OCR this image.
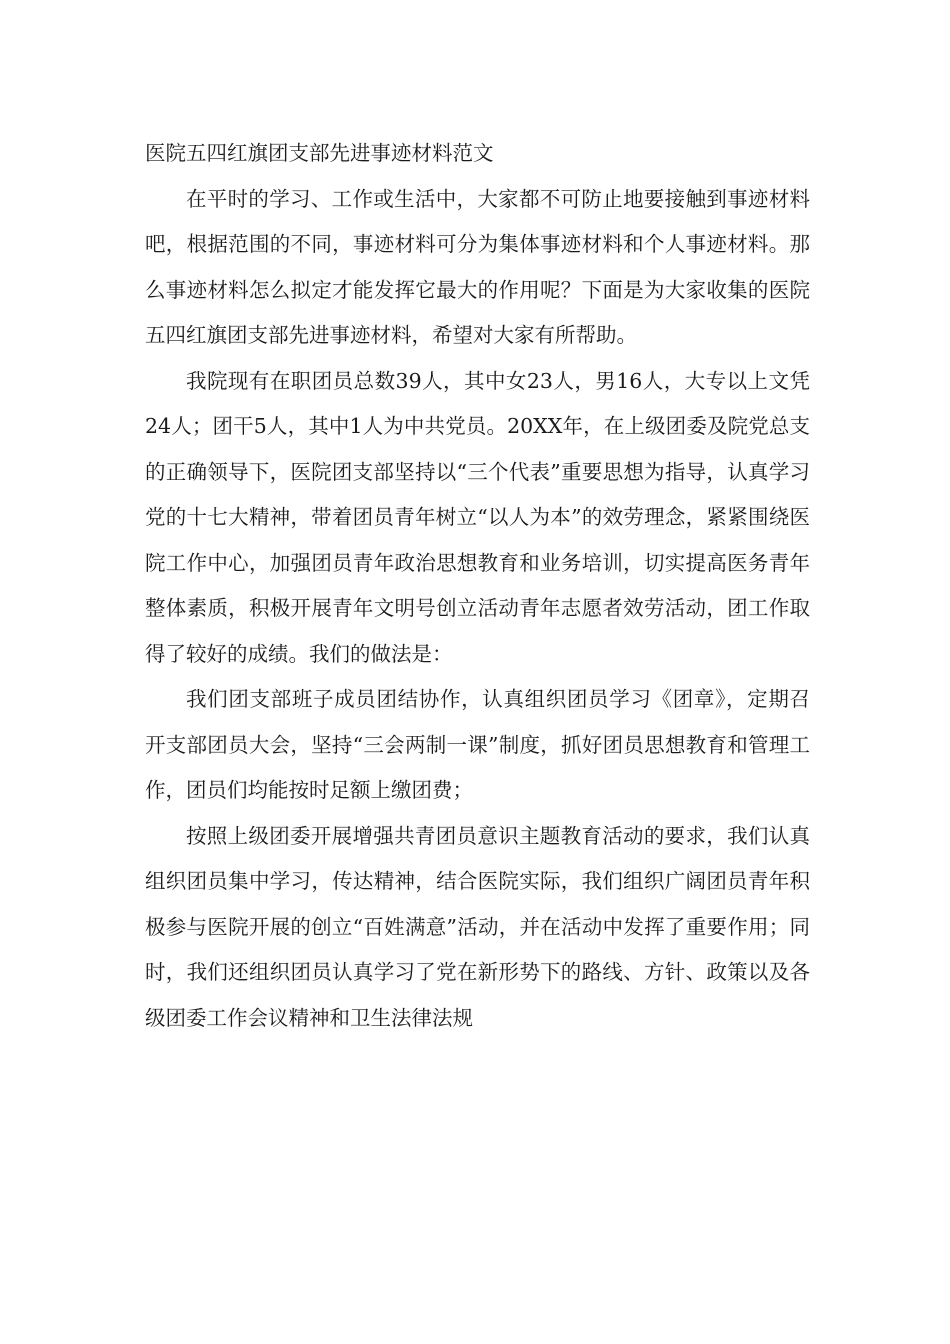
医院五四红旗团支部先进事迹材料范文

在平时的学习、工作或生活中，大家都不可防止地要接触到事迹材料吧，根据范围的不同，事迹材料可分为集体事迹材料和个人事迹材料。那么事迹材料怎么拟定才能发挥它最大的作用呢？下面是为大家收集的医院五四红旗团支部先进事迹材料，希望对大家有所帮助。

我院现有在职团员总数39人，其中女23人，男16人，大专以上文凭24人；团干5人，其中1人为中共党员。20XX年，在上级团委及院党总支的正确领导下，医院团支部坚持以“三个代表”重要思想为指导，认真学习党的十七大精神，带着团员青年树立“以人为本”的效劳理念，紧紧围绕医院工作中心，加强团员青年政治思想教育和业务培训，切实提高医务青年整体素质，积极开展青年文明号创立活动青年志愿者效劳活动，团工作取得了较好的成绩。我们的做法是：

我们团支部班子成员团结协作，认真组织团员学习《团章》，定期召开支部团员大会，坚持“三会两制一课”制度，抓好团员思想教育和管理工作，团员们均能按时足额上缴团费；

按照上级团委开展增强共青团员意识主题教育活动的要求，我们认真组织团员集中学习，传达精神，结合医院实际，我们组织广阔团员青年积极参与医院开展的创立“百姓满意”活动，并在活动中发挥了重要作用；同时，我们还组织团员认真学习了党在新形势下的路线、方针、政策以及各级团委工作会议精神和卫生法律法规
